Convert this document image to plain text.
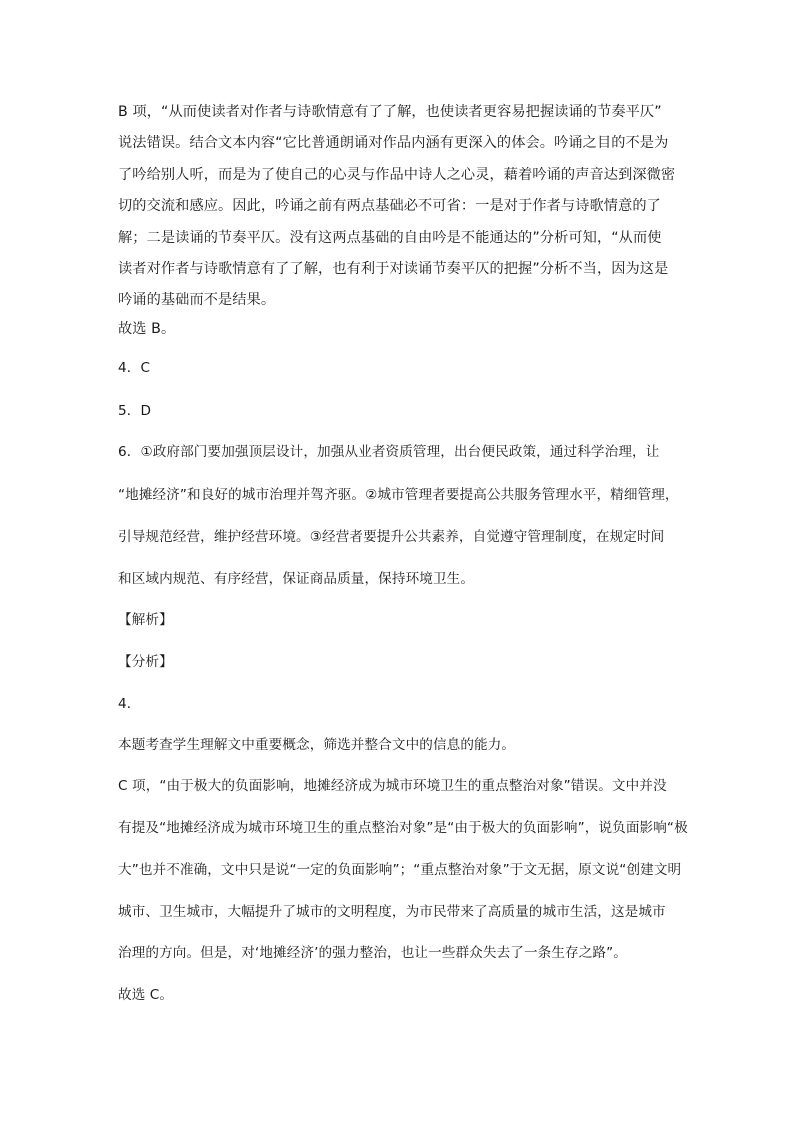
B 项，“从而使读者对作者与诗歌情意有了了解，也使读者更容易把握读诵的节奏平仄”
说法错误。结合文本内容“它比普通朗诵对作品内涵有更深入的体会。吟诵之目的不是为
了吟给别人听，而是为了使自己的心灵与作品中诗人之心灵，藉着吟诵的声音达到深微密
切的交流和感应。因此，吟诵之前有两点基础必不可省：一是对于作者与诗歌情意的了
解；二是读诵的节奏平仄。没有这两点基础的自由吟是不能通达的”分析可知，“从而使
读者对作者与诗歌情意有了了解，也有利于对读诵节奏平仄的把握”分析不当，因为这是
吟诵的基础而不是结果。
故选 B。
4．C
5．D
6．①政府部门要加强顶层设计，加强从业者资质管理，出台便民政策，通过科学治理，让
“地摊经济”和良好的城市治理并驾齐驱。②城市管理者要提高公共服务管理水平，精细管理，
引导规范经营，维护经营环境。③经营者要提升公共素养，自觉遵守管理制度，在规定时间
和区域内规范、有序经营，保证商品质量，保持环境卫生。
【解析】
【分析】
4．
本题考查学生理解文中重要概念，筛选并整合文中的信息的能力。
C 项，“由于极大的负面影响，地摊经济成为城市环境卫生的重点整治对象”错误。文中并没
有提及“地摊经济成为城市环境卫生的重点整治对象”是“由于极大的负面影响”，说负面影响“极
大”也并不准确，文中只是说“一定的负面影响”；“重点整治对象”于文无据，原文说“创建文明
城市、卫生城市，大幅提升了城市的文明程度，为市民带来了高质量的城市生活，这是城市
治理的方向。但是，对‘地摊经济’的强力整治，也让一些群众失去了一条生存之路”。
故选 C。
